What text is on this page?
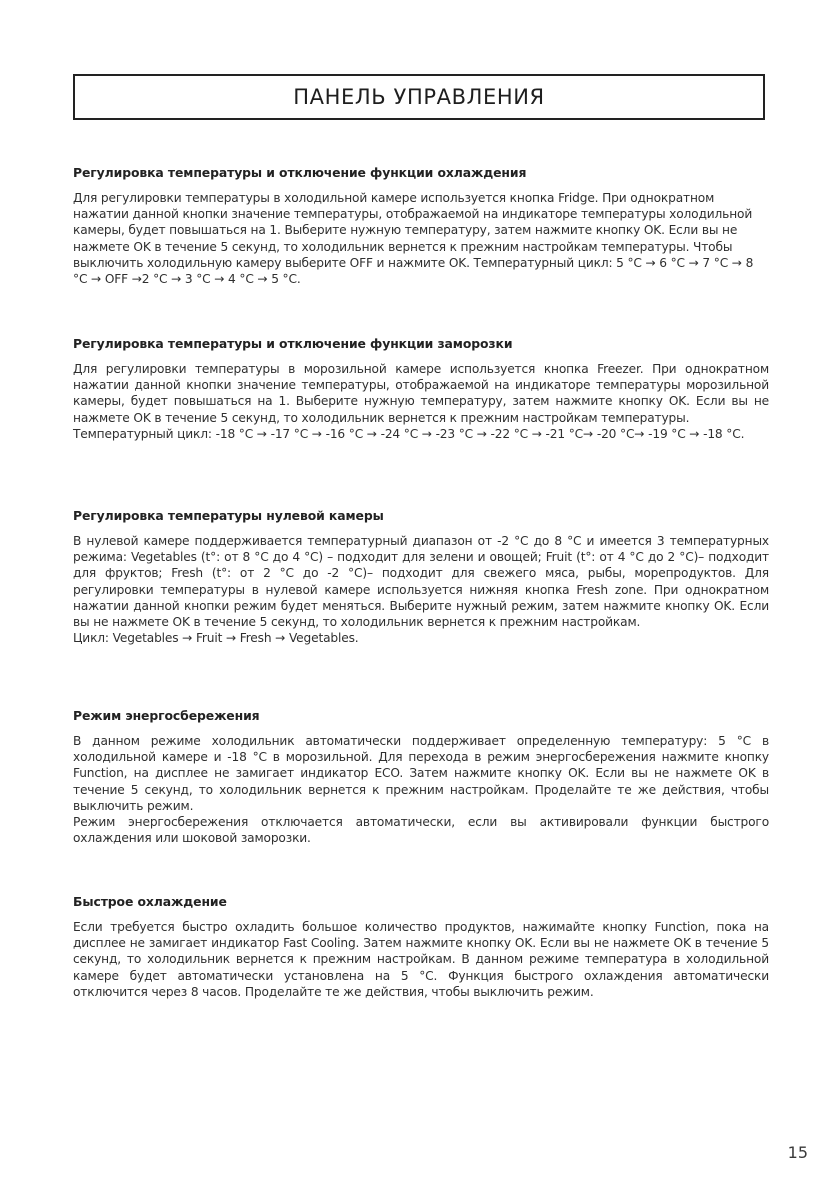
ПАНЕЛЬ УПРАВЛЕНИЯ
Регулировка температуры и отключение функции охлаждения

Для регулировки температуры в холодильной камере используется кнопка Fridge. При однократном нажатии данной кнопки значение температуры, отображаемой на индикаторе температуры холодильной камеры, будет повышаться на 1. Выберите нужную температуру, затем нажмите кнопку OK. Если вы не нажмете OK в течение 5 секунд, то холодильник вернется к прежним настройкам температуры. Чтобы выключить холодильную камеру выберите OFF и нажмите OK. Температурный цикл: 5 °C → 6 °C → 7 °C → 8 °C → OFF →2 °C → 3 °C → 4 °C → 5 °C.

Регулировка температуры и отключение функции заморозки

Для регулировки температуры в морозильной камере используется кнопка Freezer. При однократном нажатии данной кнопки значение температуры, отображаемой на индикаторе температуры морозильной камеры, будет повышаться на 1. Выберите нужную температуру, затем нажмите кнопку OK. Если вы не нажмете OK в течение 5 секунд, то холодильник вернется к прежним настройкам температуры.

Температурный цикл: -18 °C → -17 °C → -16 °C → -24 °C → -23 °C → -22 °C → -21 °C→ -20 °C→ -19 °C → -18 °C.

Регулировка температуры нулевой камеры

В нулевой камере поддерживается температурный диапазон от -2 °C до 8 °C и имеется 3 температурных режима: Vegetables (t°: от 8 °C до 4 °C) – подходит для зелени и овощей; Fruit (t°: от 4 °C до 2 °C)– подходит для фруктов; Fresh (t°: от 2 °C до -2 °C)– подходит для свежего мяса, рыбы, морепродуктов. Для регулировки температуры в нулевой камере используется нижняя кнопка Fresh zone. При однократном нажатии данной кнопки режим будет меняться. Выберите нужный режим, затем нажмите кнопку OK. Если вы не нажмете OK в течение 5 секунд, то холодильник вернется к прежним настройкам.

Цикл: Vegetables → Fruit → Fresh → Vegetables.

Режим энергосбережения

В данном режиме холодильник автоматически поддерживает определенную температуру: 5 °C в холодильной камере и -18 °C в морозильной. Для перехода в режим энергосбережения нажмите кнопку Function, на дисплее не замигает индикатор ECO. Затем нажмите кнопку OK. Если вы не нажмете OK в течение 5 секунд, то холодильник вернется к прежним настройкам. Проделайте те же действия, чтобы выключить режим.

Режим энергосбережения отключается автоматически, если вы активировали функции быстрого охлаждения или шоковой заморозки.

Быстрое охлаждение

Если требуется быстро охладить большое количество продуктов, нажимайте кнопку Function, пока на дисплее не замигает индикатор Fast Cooling. Затем нажмите кнопку OK. Если вы не нажмете OK в течение 5 секунд, то холодильник вернется к прежним настройкам. В данном режиме температура в холодильной камере будет автоматически установлена на 5 °C. Функция быстрого охлаждения автоматически отключится через 8 часов. Проделайте те же действия, чтобы выключить режим.

15
